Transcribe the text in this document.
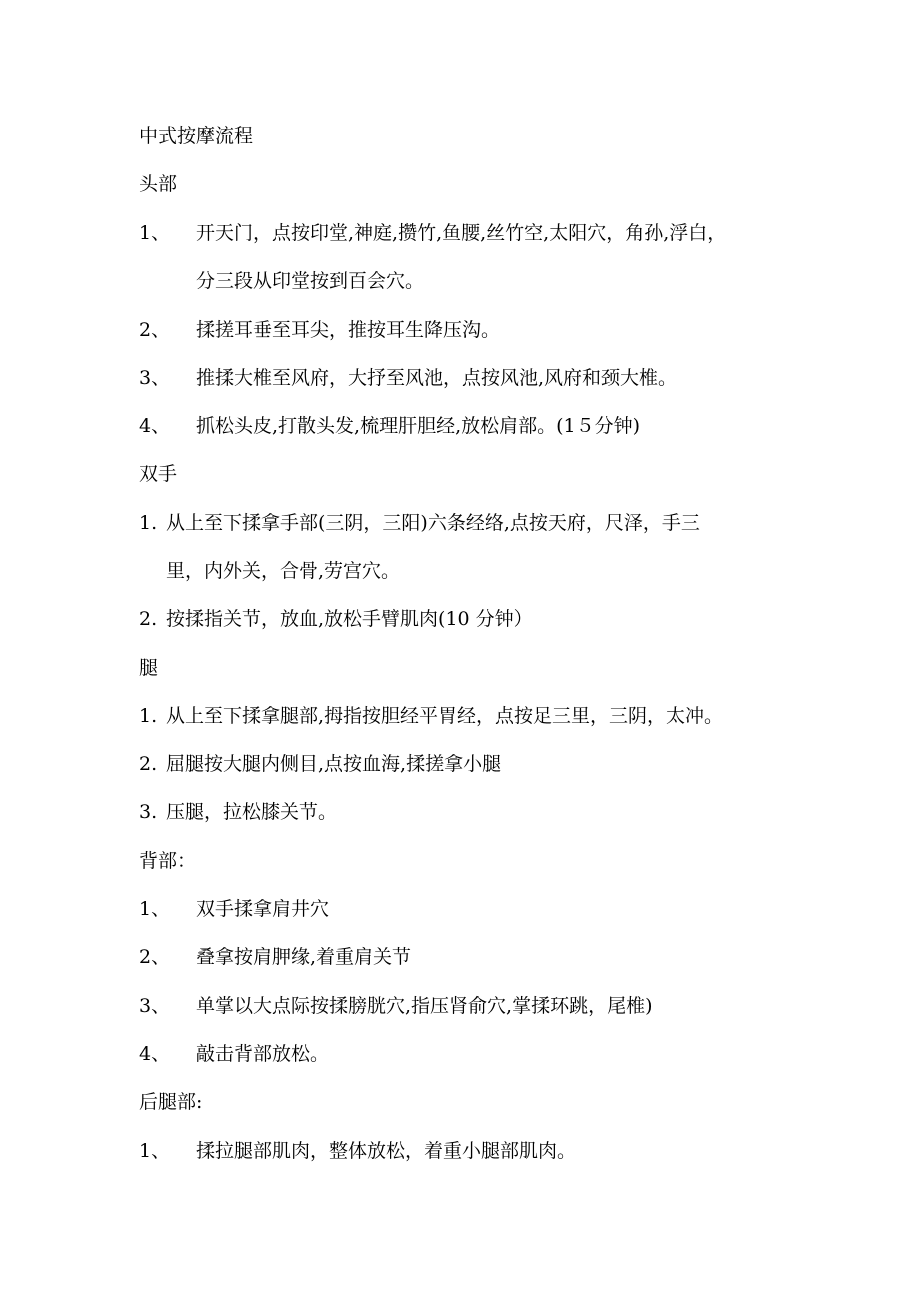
中式按摩流程
头部
1、 开天门，点按印堂,神庭,攒竹,鱼腰,丝竹空,太阳穴，角孙,浮白，
分三段从印堂按到百会穴。
2、 揉搓耳垂至耳尖，推按耳生降压沟。
3、 推揉大椎至风府，大抒至风池，点按风池,风府和颈大椎。
4、 抓松头皮,打散头发,梳理肝胆经,放松肩部。(1５分钟)
双手
1. 从上至下揉拿手部(三阴，三阳)六条经络,点按天府，尺泽，手三
里，内外关，合骨,劳宫穴。
2. 按揉指关节，放血,放松手臂肌肉(10 分钟）
腿
1. 从上至下揉拿腿部,拇指按胆经平胃经，点按足三里，三阴，太冲。
2. 屈腿按大腿内侧目,点按血海,揉搓拿小腿
3. 压腿，拉松膝关节。
背部：
1、 双手揉拿肩井穴
2、 叠拿按肩胛缘,着重肩关节
3、 单掌以大点际按揉膀胱穴,指压肾俞穴,掌揉环跳，尾椎)
4、 敲击背部放松。
后腿部:
1、 揉拉腿部肌肉，整体放松，着重小腿部肌肉。
